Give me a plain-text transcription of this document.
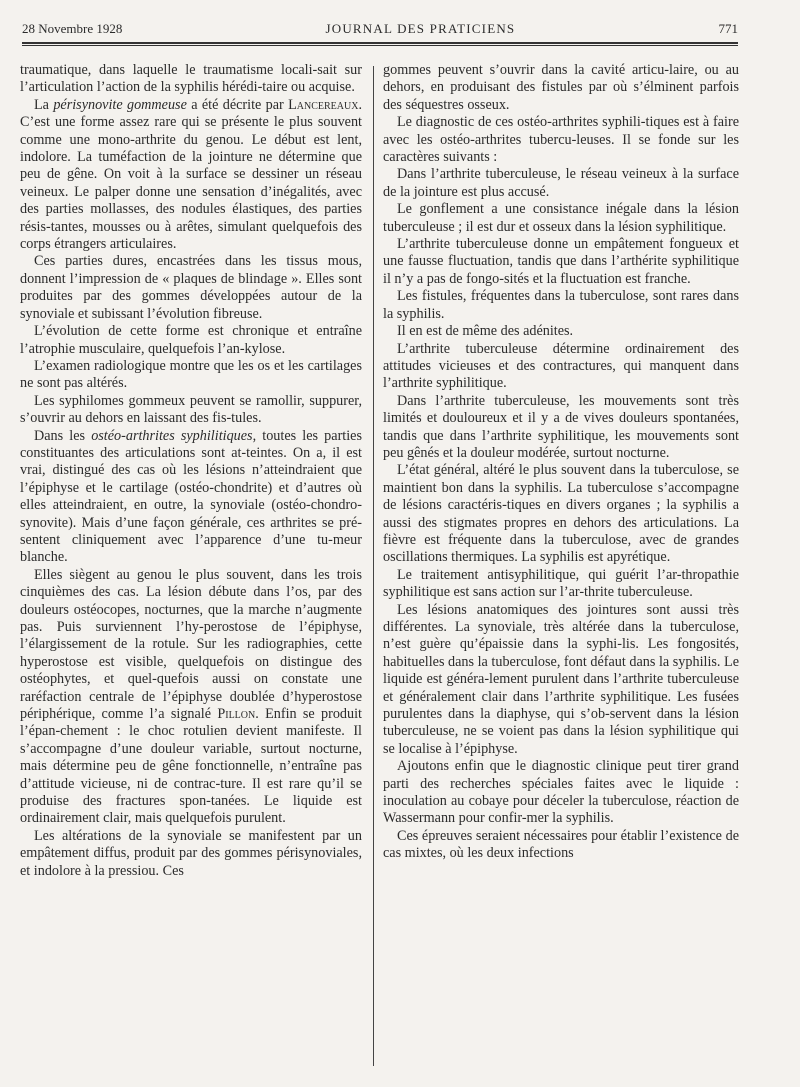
28 Novembre 1928	JOURNAL DES PRATICIENS	771

traumatique, dans laquelle le traumatisme locali-sait sur l’articulation l’action de la syphilis hérédi-taire ou acquise.

La périsynovite gommeuse a été décrite par Lancereaux. C’est une forme assez rare qui se présente le plus souvent comme une mono-arthrite du genou. Le début est lent, indolore. La tuméfaction de la jointure ne détermine que peu de gêne. On voit à la surface se dessiner un réseau veineux. Le palper donne une sensation d’inégalités, avec des parties mollasses, des nodules élastiques, des parties résis-tantes, mousses ou à arêtes, simulant quelquefois des corps étrangers articulaires.

Ces parties dures, encastrées dans les tissus mous, donnent l’impression de « plaques de blindage ». Elles sont produites par des gommes développées autour de la synoviale et subissant l’évolution fibreuse.

L’évolution de cette forme est chronique et entraîne l’atrophie musculaire, quelquefois l’an-kylose.

L’examen radiologique montre que les os et les cartilages ne sont pas altérés.

Les syphilomes gommeux peuvent se ramollir, suppurer, s’ouvrir au dehors en laissant des fis-tules.

Dans les ostéo-arthrites syphilitiques, toutes les parties constituantes des articulations sont at-teintes. On a, il est vrai, distingué des cas où les lésions n’atteindraient que l’épiphyse et le cartilage (ostéo-chondrite) et d’autres où elles atteindraient, en outre, la synoviale (ostéo-chondro-synovite). Mais d’une façon générale, ces arthrites se pré-sentent cliniquement avec l’apparence d’une tu-meur blanche.

Elles siègent au genou le plus souvent, dans les trois cinquièmes des cas. La lésion débute dans l’os, par des douleurs ostéocopes, nocturnes, que la marche n’augmente pas. Puis surviennent l’hy-perostose de l’épiphyse, l’élargissement de la rotule. Sur les radiographies, cette hyperostose est visible, quelquefois on distingue des ostéophytes, et quel-quefois aussi on constate une raréfaction centrale de l’épiphyse doublée d’hyperostose périphérique, comme l’a signalé Pillon. Enfin se produit l’épan-chement : le choc rotulien devient manifeste. Il s’accompagne d’une douleur variable, surtout nocturne, mais détermine peu de gêne fonctionnelle, n’entraîne pas d’attitude vicieuse, ni de contrac-ture. Il est rare qu’il se produise des fractures spon-tanées. Le liquide est ordinairement clair, mais quelquefois purulent.

Les altérations de la synoviale se manifestent par un empâtement diffus, produit par des gommes périsynoviales, et indolore à la pressiou. Ces

gommes peuvent s’ouvrir dans la cavité articu-laire, ou au dehors, en produisant des fistules par où s’élminent parfois des séquestres osseux.

Le diagnostic de ces ostéo-arthrites syphili-tiques est à faire avec les ostéo-arthrites tubercu-leuses. Il se fonde sur les caractères suivants :

Dans l’arthrite tuberculeuse, le réseau veineux à la surface de la jointure est plus accusé.

Le gonflement a une consistance inégale dans la lésion tuberculeuse ; il est dur et osseux dans la lésion syphilitique.

L’arthrite tuberculeuse donne un empâtement fongueux et une fausse fluctuation, tandis que dans l’arthérite syphilitique il n’y a pas de fongo-sités et la fluctuation est franche.

Les fistules, fréquentes dans la tuberculose, sont rares dans la syphilis.

Il en est de même des adénites.

L’arthrite tuberculeuse détermine ordinairement des attitudes vicieuses et des contractures, qui manquent dans l’arthrite syphilitique.

Dans l’arthrite tuberculeuse, les mouvements sont très limités et douloureux et il y a de vives douleurs spontanées, tandis que dans l’arthrite syphilitique, les mouvements sont peu gênés et la douleur modérée, surtout nocturne.

L’état général, altéré le plus souvent dans la tuberculose, se maintient bon dans la syphilis. La tuberculose s’accompagne de lésions caractéris-tiques en divers organes ; la syphilis a aussi des stigmates propres en dehors des articulations. La fièvre est fréquente dans la tuberculose, avec de grandes oscillations thermiques. La syphilis est apyrétique.

Le traitement antisyphilitique, qui guérit l’ar-thropathie syphilitique est sans action sur l’ar-thrite tuberculeuse.

Les lésions anatomiques des jointures sont aussi très différentes. La synoviale, très altérée dans la tuberculose, n’est guère qu’épaissie dans la syphi-lis. Les fongosités, habituelles dans la tuberculose, font défaut dans la syphilis. Le liquide est généra-lement purulent dans l’arthrite tuberculeuse et généralement clair dans l’arthrite syphilitique. Les fusées purulentes dans la diaphyse, qui s’ob-servent dans la lésion tuberculeuse, ne se voient pas dans la lésion syphilitique qui se localise à l’épiphyse.

Ajoutons enfin que le diagnostic clinique peut tirer grand parti des recherches spéciales faites avec le liquide : inoculation au cobaye pour déceler la tuberculose, réaction de Wassermann pour confir-mer la syphilis.

Ces épreuves seraient nécessaires pour établir l’existence de cas mixtes, où les deux infections
